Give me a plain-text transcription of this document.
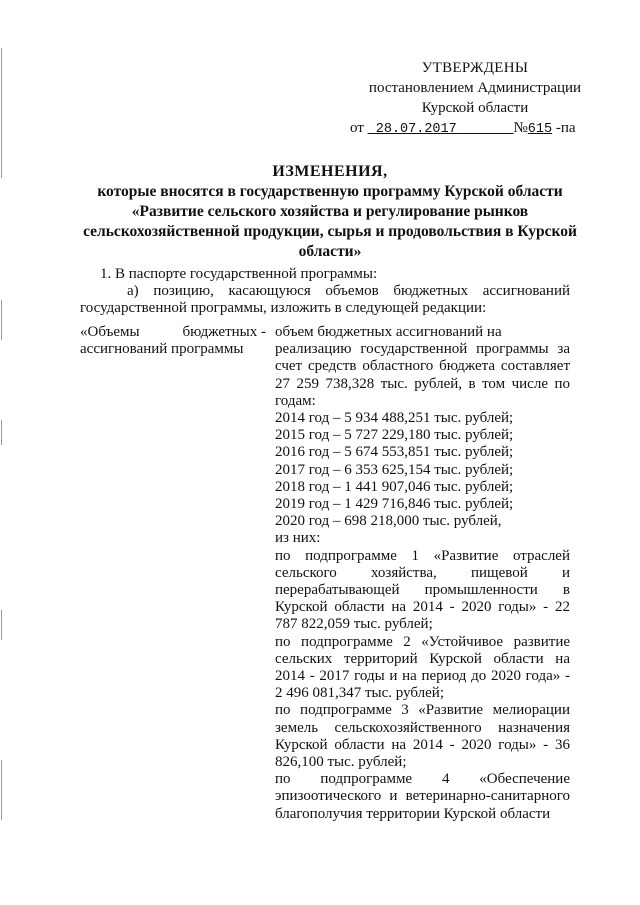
УТВЕРЖДЕНЫ
постановлением Администрации
Курской области
от 28.07.2017	№615 -па
ИЗМЕНЕНИЯ,
которые вносятся в государственную программу Курской области
«Развитие сельского хозяйства и регулирование рынков
сельскохозяйственной продукции, сырья и продовольствия в Курской
области»
1. В паспорте государственной программы:
а) позицию, касающуюся объемов бюджетных ассигнований государственной программы, изложить в следующей редакции:
«Объемы	бюджетных -
ассигнований программы

объем бюджетных ассигнований на

реализацию государственной программы за счет средств областного бюджета составляет 27 259 738,328 тыс. рублей, в том числе по годам:

2014 год – 5 934 488,251 тыс. рублей;

2015 год – 5 727 229,180 тыс. рублей;

2016 год – 5 674 553,851 тыс. рублей;

2017 год – 6 353 625,154 тыс. рублей;

2018 год – 1 441 907,046 тыс. рублей;

2019 год – 1 429 716,846 тыс. рублей;

2020 год – 698 218,000 тыс. рублей,

из них:

по подпрограмме 1 «Развитие отраслей сельского хозяйства, пищевой и перерабатывающей промышленности в Курской области на 2014 - 2020 годы» - 22 787 822,059 тыс. рублей;

по подпрограмме 2 «Устойчивое развитие сельских территорий Курской области на 2014 - 2017 годы и на период до 2020 года» - 2 496 081,347 тыс. рублей;

по подпрограмме 3 «Развитие мелиорации земель сельскохозяйственного назначения Курской области на 2014 - 2020 годы» - 36 826,100 тыс. рублей;

по подпрограмме 4 «Обеспечение эпизоотического и ветеринарно-санитарного благополучия территории Курской области
